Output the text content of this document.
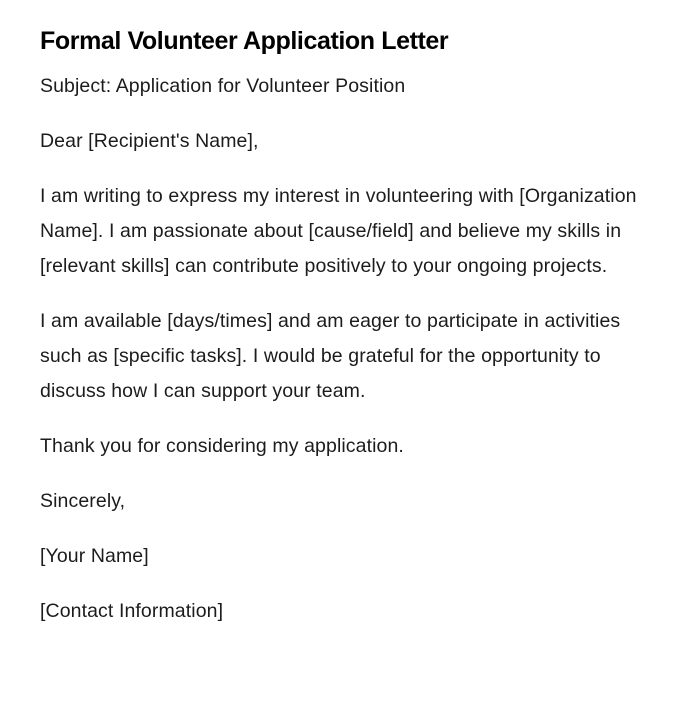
Formal Volunteer Application Letter

Subject: Application for Volunteer Position

Dear [Recipient's Name],

I am writing to express my interest in volunteering with [Organization Name]. I am passionate about [cause/field] and believe my skills in [relevant skills] can contribute positively to your ongoing projects.

I am available [days/times] and am eager to participate in activities such as [specific tasks]. I would be grateful for the opportunity to discuss how I can support your team.

Thank you for considering my application.

Sincerely,

[Your Name]

[Contact Information]
